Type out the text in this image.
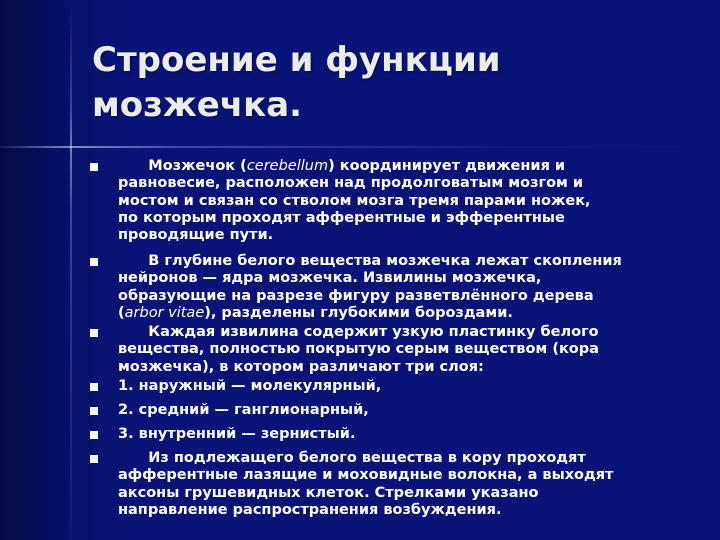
Строение и функции
мозжечка.
Мозжечок (cerebellum) координирует движения и
равновесие, расположен над продолговатым мозгом и
мостом и связан со стволом мозга тремя парами ножек,
по которым проходят афферентные и эфферентные
проводящие пути.
В глубине белого вещества мозжечка лежат скопления
нейронов — ядра мозжечка. Извилины мозжечка,
образующие на разрезе фигуру разветвлённого дерева
(arbor vitae), разделены глубокими бороздами.
Каждая извилина содержит узкую пластинку белого
вещества, полностью покрытую серым веществом (кора
мозжечка), в котором различают три слоя:
1. наружный — молекулярный,
2. средний — ганглионарный,
3. внутренний — зернистый.
Из подлежащего белого вещества в кору проходят
афферентные лазящие и моховидные волокна, а выходят
аксоны грушевидных клеток. Стрелками указано
направление распространения возбуждения.
